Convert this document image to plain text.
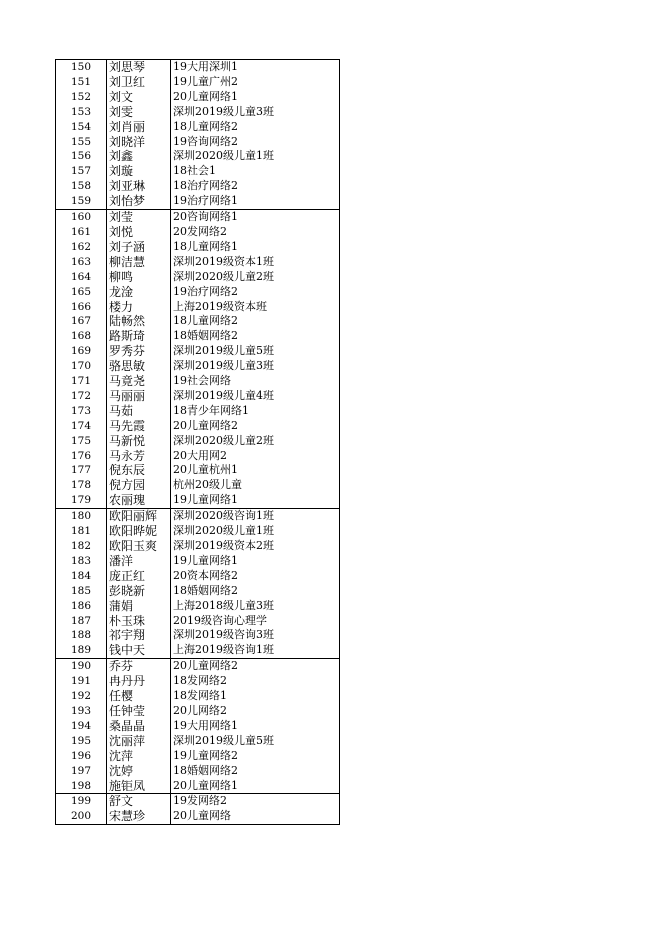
150	刘思琴	19大用深圳1
151	刘卫红	19儿童广州2
152	刘文	20儿童网络1
153	刘雯	深圳2019级儿童3班
154	刘肖丽	18儿童网络2
155	刘晓洋	19咨询网络2
156	刘鑫	深圳2020级儿童1班
157	刘璇	18社会1
158	刘亚琳	18治疗网络2
159	刘怡梦	19治疗网络1
160	刘莹	20咨询网络1
161	刘悦	20发网络2
162	刘子涵	18儿童网络1
163	柳洁慧	深圳2019级资本1班
164	柳鸣	深圳2020级儿童2班
165	龙淦	19治疗网络2
166	楼力	上海2019级资本班
167	陆畅然	18儿童网络2
168	路斯琦	18婚姻网络2
169	罗秀芬	深圳2019级儿童5班
170	骆思敏	深圳2019级儿童3班
171	马竟尧	19社会网络
172	马丽丽	深圳2019级儿童4班
173	马茹	18青少年网络1
174	马先霞	20儿童网络2
175	马新悦	深圳2020级儿童2班
176	马永芳	20大用网2
177	倪东辰	20儿童杭州1
178	倪方园	杭州20级儿童
179	农丽瑰	19儿童网络1
180	欧阳丽辉	深圳2020级咨询1班
181	欧阳晔妮	深圳2020级儿童1班
182	欧阳玉爽	深圳2019级资本2班
183	潘洋	19儿童网络1
184	庞正红	20资本网络2
185	彭晓新	18婚姻网络2
186	蒲娟	上海2018级儿童3班
187	朴玉珠	2019级咨询心理学
188	祁宇翔	深圳2019级咨询3班
189	钱中天	上海2019级咨询1班
190	乔芬	20儿童网络2
191	冉丹丹	18发网络2
192	任樱	18发网络1
193	任钟莹	20儿网络2
194	桑晶晶	19大用网络1
195	沈丽萍	深圳2019级儿童5班
196	沈萍	19儿童网络2
197	沈婷	18婚姻网络2
198	施钜凤	20儿童网络1
199	舒文	19发网络2
200	宋慧珍	20儿童网络
